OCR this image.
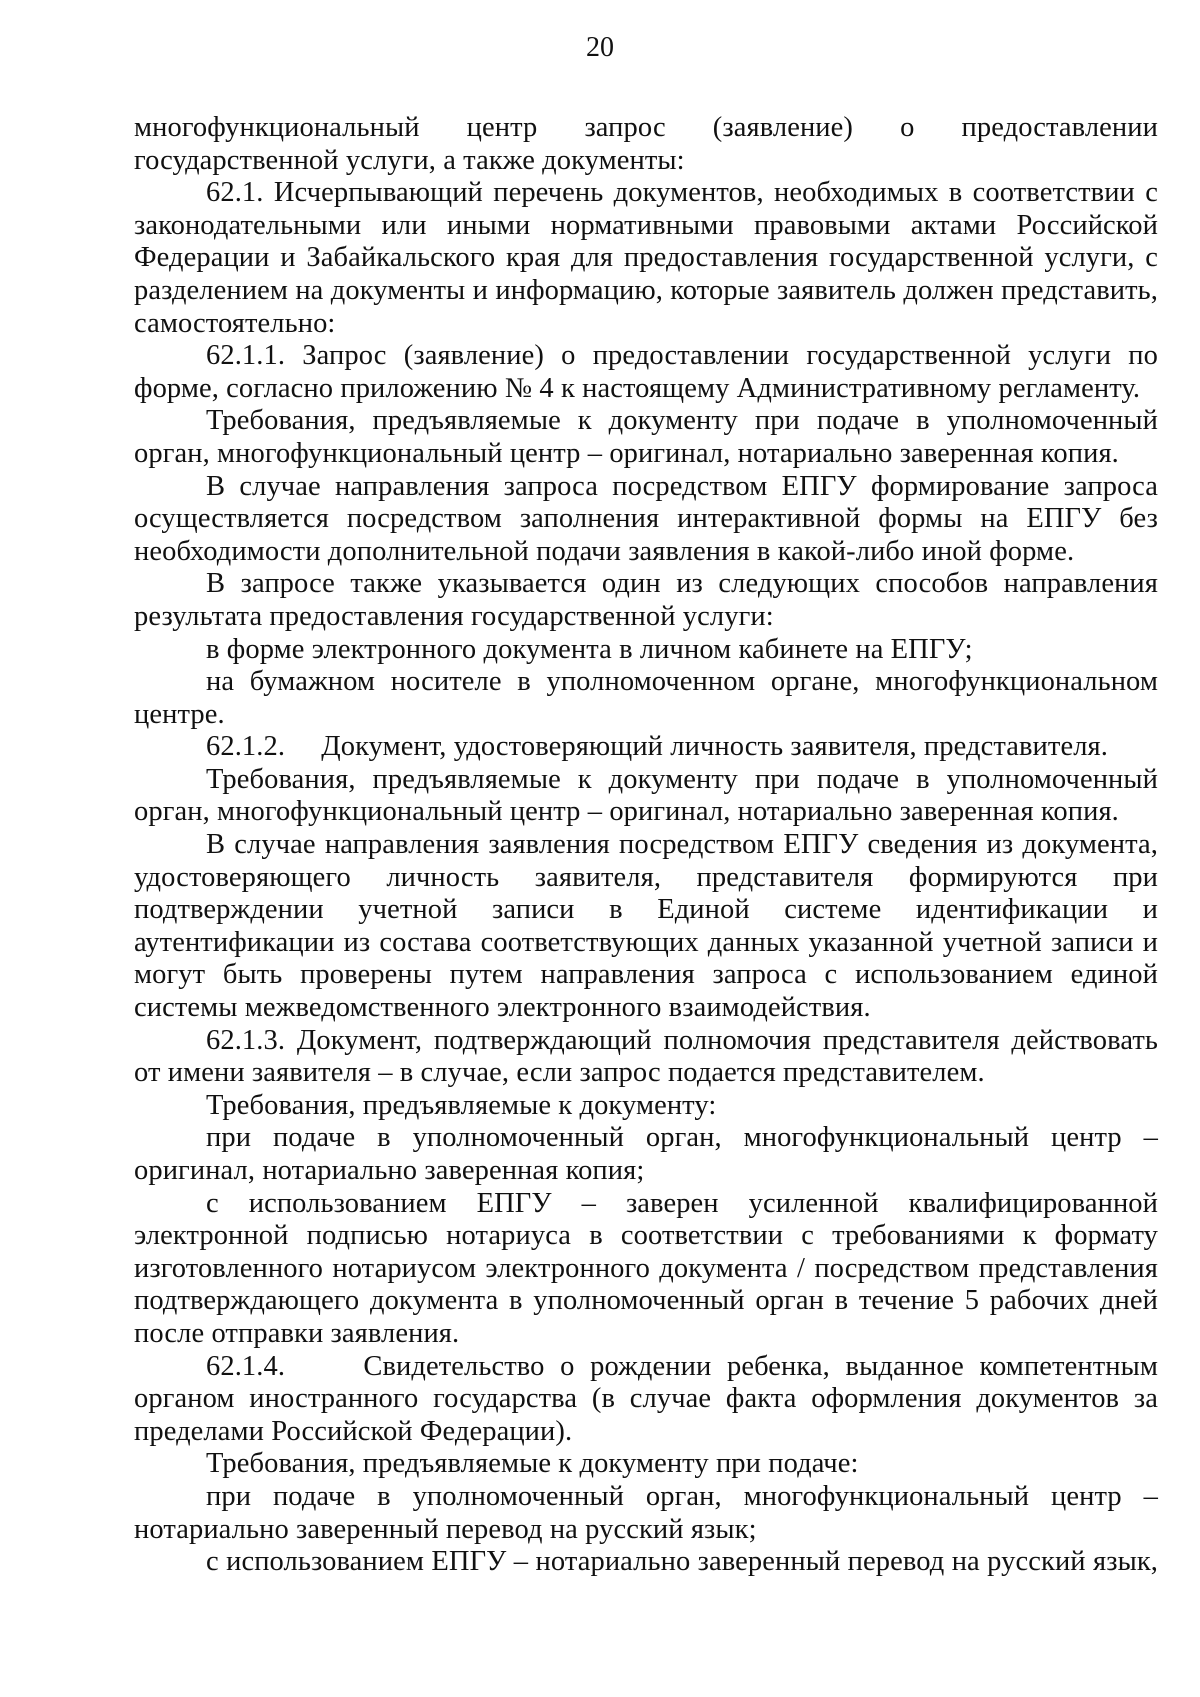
20

многофункциональный центр запрос (заявление) о предоставлении государственной услуги, а также документы:

62.1. Исчерпывающий перечень документов, необходимых в соответствии с законодательными или иными нормативными правовыми актами Российской Федерации и Забайкальского края для предоставления государственной услуги, с разделением на документы и информацию, которые заявитель должен представить, самостоятельно:

62.1.1. Запрос (заявление) о предоставлении государственной услуги по форме, согласно приложению № 4 к настоящему Административному регламенту.

Требования, предъявляемые к документу при подаче в уполномоченный орган, многофункциональный центр – оригинал, нотариально заверенная копия.

В случае направления запроса посредством ЕПГУ формирование запроса осуществляется посредством заполнения интерактивной формы на ЕПГУ без необходимости дополнительной подачи заявления в какой-либо иной форме.

В запросе также указывается один из следующих способов направления результата предоставления государственной услуги:

в форме электронного документа в личном кабинете на ЕПГУ;

на бумажном носителе в уполномоченном органе, многофункциональном центре.

62.1.2.     Документ, удостоверяющий личность заявителя, представителя.

Требования, предъявляемые к документу при подаче в уполномоченный орган, многофункциональный центр – оригинал, нотариально заверенная копия.

В случае направления заявления посредством ЕПГУ сведения из документа, удостоверяющего личность заявителя, представителя формируются при подтверждении учетной записи в Единой системе идентификации и аутентификации из состава соответствующих данных указанной учетной записи и могут быть проверены путем направления запроса с использованием единой системы межведомственного электронного взаимодействия.

62.1.3. Документ, подтверждающий полномочия представителя действовать от имени заявителя – в случае, если запрос подается представителем.

Требования, предъявляемые к документу:

при подаче в уполномоченный орган, многофункциональный центр – оригинал, нотариально заверенная копия;

с использованием ЕПГУ – заверен усиленной квалифицированной электронной подписью нотариуса в соответствии с требованиями к формату изготовленного нотариусом электронного документа / посредством представления подтверждающего документа в уполномоченный орган в течение 5 рабочих дней после отправки заявления.

62.1.4.     Свидетельство о рождении ребенка, выданное компетентным органом иностранного государства (в случае факта оформления документов за пределами Российской Федерации).

Требования, предъявляемые к документу при подаче:

при подаче в уполномоченный орган, многофункциональный центр – нотариально заверенный перевод на русский язык;

с использованием ЕПГУ – нотариально заверенный перевод на русский язык,
